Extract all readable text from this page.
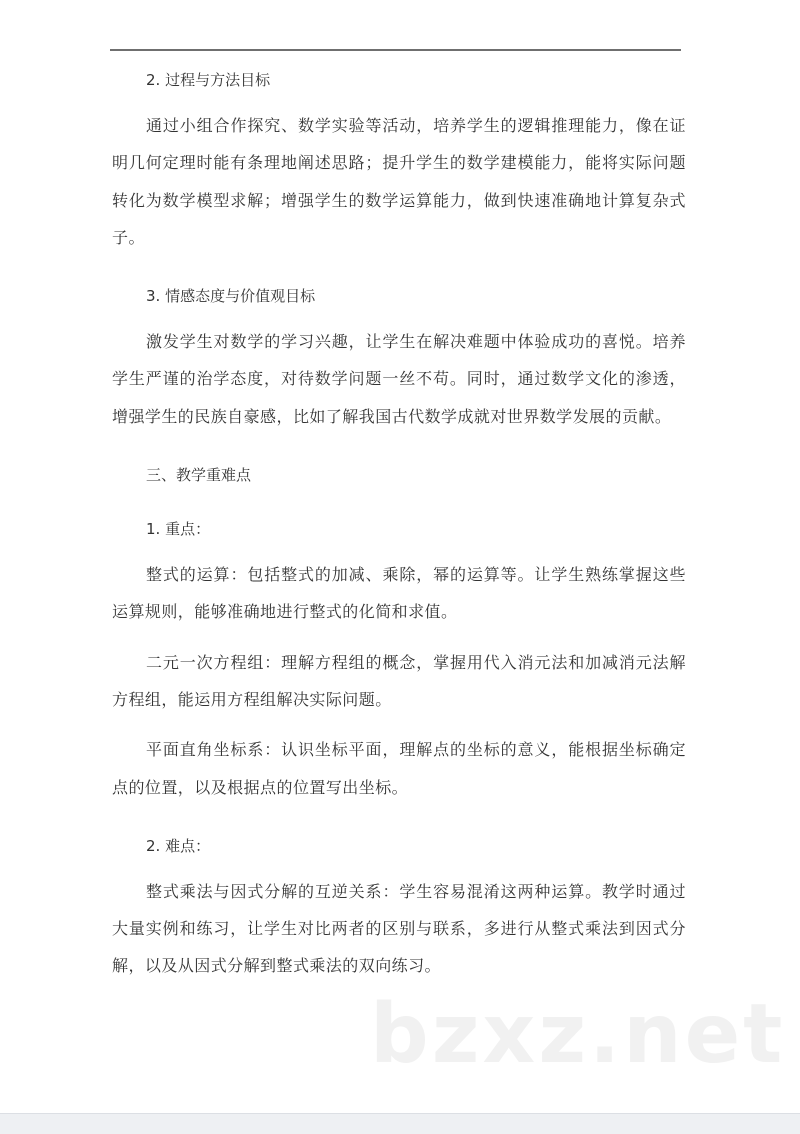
2. 过程与方法目标

通过小组合作探究、数学实验等活动，培养学生的逻辑推理能力，像在证明几何定理时能有条理地阐述思路；提升学生的数学建模能力，能将实际问题转化为数学模型求解；增强学生的数学运算能力，做到快速准确地计算复杂式子。

3. 情感态度与价值观目标

激发学生对数学的学习兴趣，让学生在解决难题中体验成功的喜悦。培养学生严谨的治学态度，对待数学问题一丝不苟。同时，通过数学文化的渗透，增强学生的民族自豪感，比如了解我国古代数学成就对世界数学发展的贡献。

三、教学重难点

1. 重点：

整式的运算：包括整式的加减、乘除，幂的运算等。让学生熟练掌握这些运算规则，能够准确地进行整式的化简和求值。

二元一次方程组：理解方程组的概念，掌握用代入消元法和加减消元法解方程组，能运用方程组解决实际问题。

平面直角坐标系：认识坐标平面，理解点的坐标的意义，能根据坐标确定点的位置，以及根据点的位置写出坐标。

2. 难点：

整式乘法与因式分解的互逆关系：学生容易混淆这两种运算。教学时通过大量实例和练习，让学生对比两者的区别与联系，多进行从整式乘法到因式分解，以及从因式分解到整式乘法的双向练习。

bzxz.net
